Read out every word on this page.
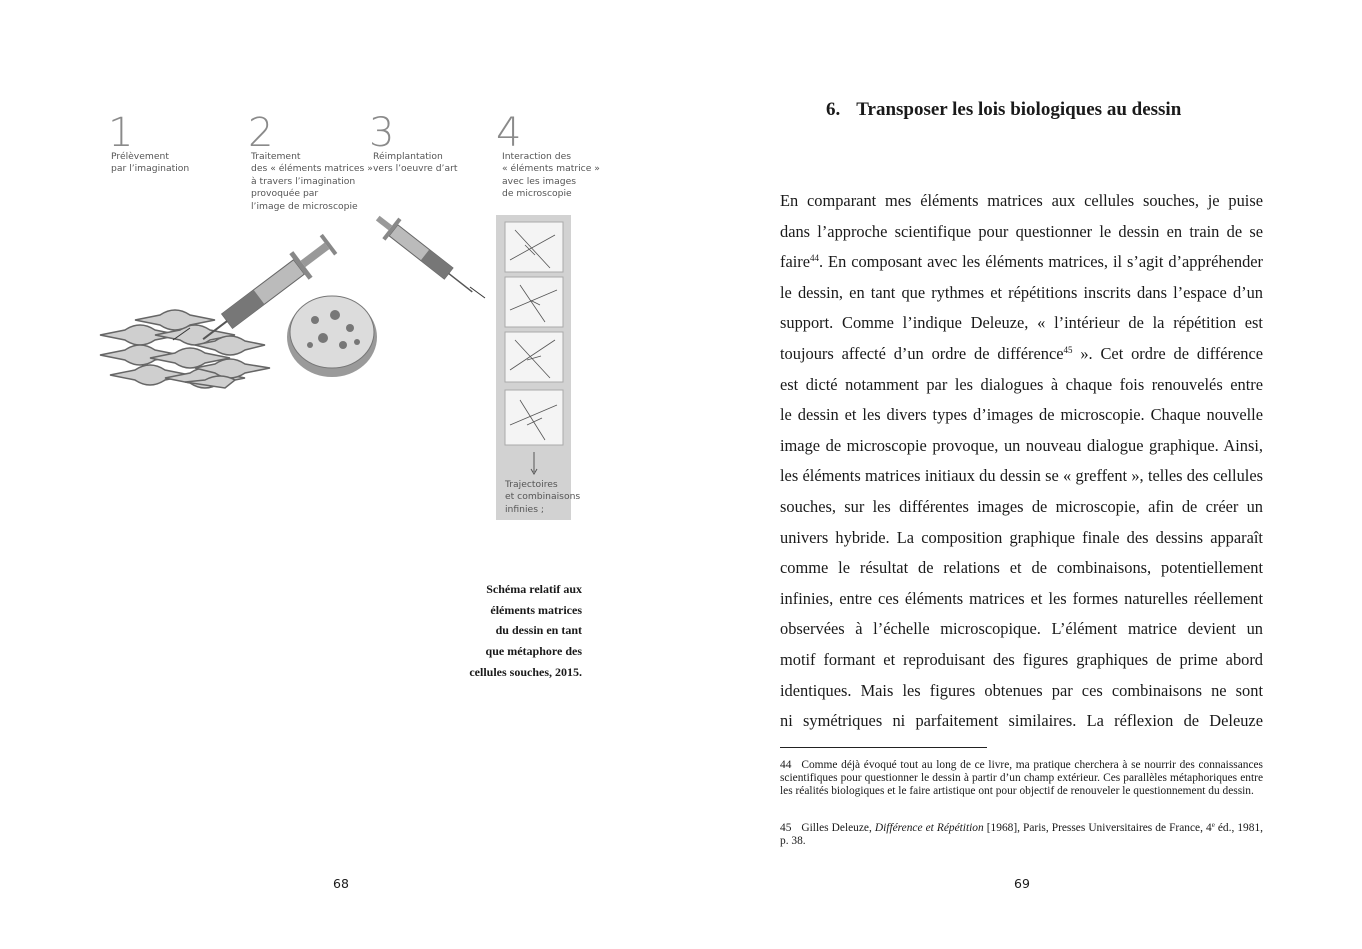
1
Prélèvement
par l’imagination
2
Traitement
des « éléments matrices »
à travers l’imagination
provoquée par
l’image de microscopie
3
Réimplantation
vers l’oeuvre d’art
4
Interaction des
« éléments matrice »
avec les images
de microscopie
Trajectoires
et combinaisons
infinies ;
Schéma relatif aux
éléments matrices
du dessin en tant
que métaphore des
cellules souches, 2015.
68
6. Transposer les lois biologiques au dessin
En comparant mes éléments matrices aux cellules souches, je puise
dans l’approche scientifique pour questionner le dessin en train de se
faire$^{44}$. En composant avec les éléments matrices, il s’agit d’appréhender
le dessin, en tant que rythmes et répétitions inscrits dans l’espace d’un
support. Comme l’indique Deleuze, « l’intérieur de la répétition est
toujours affecté d’un ordre de différence$^{45}$ ». Cet ordre de différence
est dicté notamment par les dialogues à chaque fois renouvelés entre
le dessin et les divers types d’images de microscopie. Chaque nouvelle
image de microscopie provoque, un nouveau dialogue graphique. Ainsi,
les éléments matrices initiaux du dessin se « greffent », telles des cellules
souches, sur les différentes images de microscopie, afin de créer un
univers hybride. La composition graphique finale des dessins apparaît
comme le résultat de relations et de combinaisons, potentiellement
infinies, entre ces éléments matrices et les formes naturelles réellement
observées à l’échelle microscopique. L’élément matrice devient un
motif formant et reproduisant des figures graphiques de prime abord
identiques. Mais les figures obtenues par ces combinaisons ne sont
ni symétriques ni parfaitement similaires. La réflexion de Deleuze
44 Comme déjà évoqué tout au long de ce livre, ma pratique cherchera à se nourrir des connaissances scientifiques pour questionner le dessin à partir d’un champ extérieur. Ces parallèles métaphoriques entre les réalités biologiques et le faire artistique ont pour objectif de renouveler le questionnement du dessin.
45 Gilles Deleuze, Différence et Répétition [1968], Paris, Presses Universitaires de France, 4e éd., 1981, p. 38.
69
